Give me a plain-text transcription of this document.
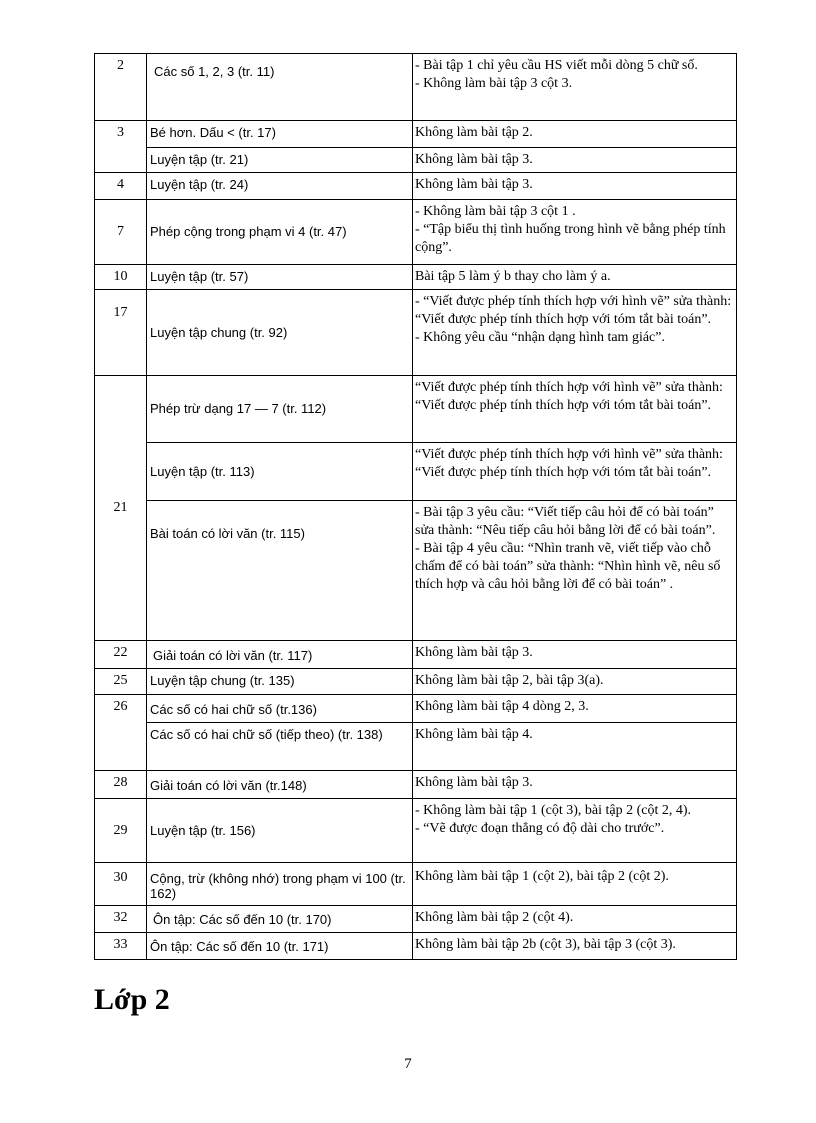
2	Các số 1, 2, 3 (tr. 11)	- Bài tập 1 chỉ yêu cầu HS viết mỗi dòng 5 chữ số.
- Không làm bài tập 3 cột 3.

3	Bé hơn. Dấu < (tr. 17)	Không làm bài tập 2.

	Luyện tập (tr. 21)	Không làm bài tập 3.

4	Luyện tập (tr. 24)	Không làm bài tập 3.

7	Phép cộng trong phạm vi 4 (tr. 47)	- Không làm bài tập 3 cột 1 .
- “Tập biểu thị tình huống trong hình vẽ bằng phép tính cộng”.

10	Luyện tập (tr. 57)	Bài tập 5 làm ý b thay cho làm ý a.

17	Luyện tập chung (tr. 92)	- “Viết được phép tính thích hợp với hình vẽ” sửa thành: “Viết được phép tính thích hợp với tóm tắt bài toán”.
- Không yêu cầu “nhận dạng hình tam giác”.

21	Phép trừ dạng 17 — 7 (tr. 112)	“Viết được phép tính thích hợp với hình vẽ” sửa thành: “Viết được phép tính thích hợp với tóm tắt bài toán”.

	Luyện tập (tr. 113)	“Viết được phép tính thích hợp với hình vẽ” sửa thành: “Viết được phép tính thích hợp với tóm tắt bài toán”.

	Bài toán có lời văn (tr. 115)	- Bài tập 3 yêu cầu: “Viết tiếp câu hỏi để có bài toán” sửa thành: “Nêu tiếp câu hỏi bằng lời để có bài toán”.
- Bài tập 4 yêu cầu: “Nhìn tranh vẽ, viết tiếp vào chỗ chấm để có bài toán” sửa thành: “Nhìn hình vẽ, nêu số thích hợp và câu hỏi bằng lời để có bài toán” .

22	Giải toán có lời văn (tr. 117)	Không làm bài tập 3.

25	Luyện tập chung (tr. 135)	Không làm bài tập 2, bài tập 3(a).

26	Các số có hai chữ số (tr.136)	Không làm bài tập 4 dòng 2, 3.

	Các số có hai chữ số (tiếp theo) (tr. 138)	Không làm bài tập 4.

28	Giải toán có lời văn (tr.148)	Không làm bài tập 3.

29	Luyện tập (tr. 156)	- Không làm bài tập 1 (cột 3), bài tập 2 (cột 2, 4).
- “Vẽ được đoạn thẳng có độ dài cho trước”.

30	Cộng, trừ (không nhớ) trong phạm vi 100 (tr. 162)	Không làm bài tập 1 (cột 2), bài tập 2 (cột 2).

32	Ôn tập: Các số đến 10 (tr. 170)	Không làm bài tập 2 (cột 4).

33	Ôn tập: Các số đến 10 (tr. 171)	Không làm bài tập 2b (cột 3), bài tập 3 (cột 3).
Lớp 2
7
